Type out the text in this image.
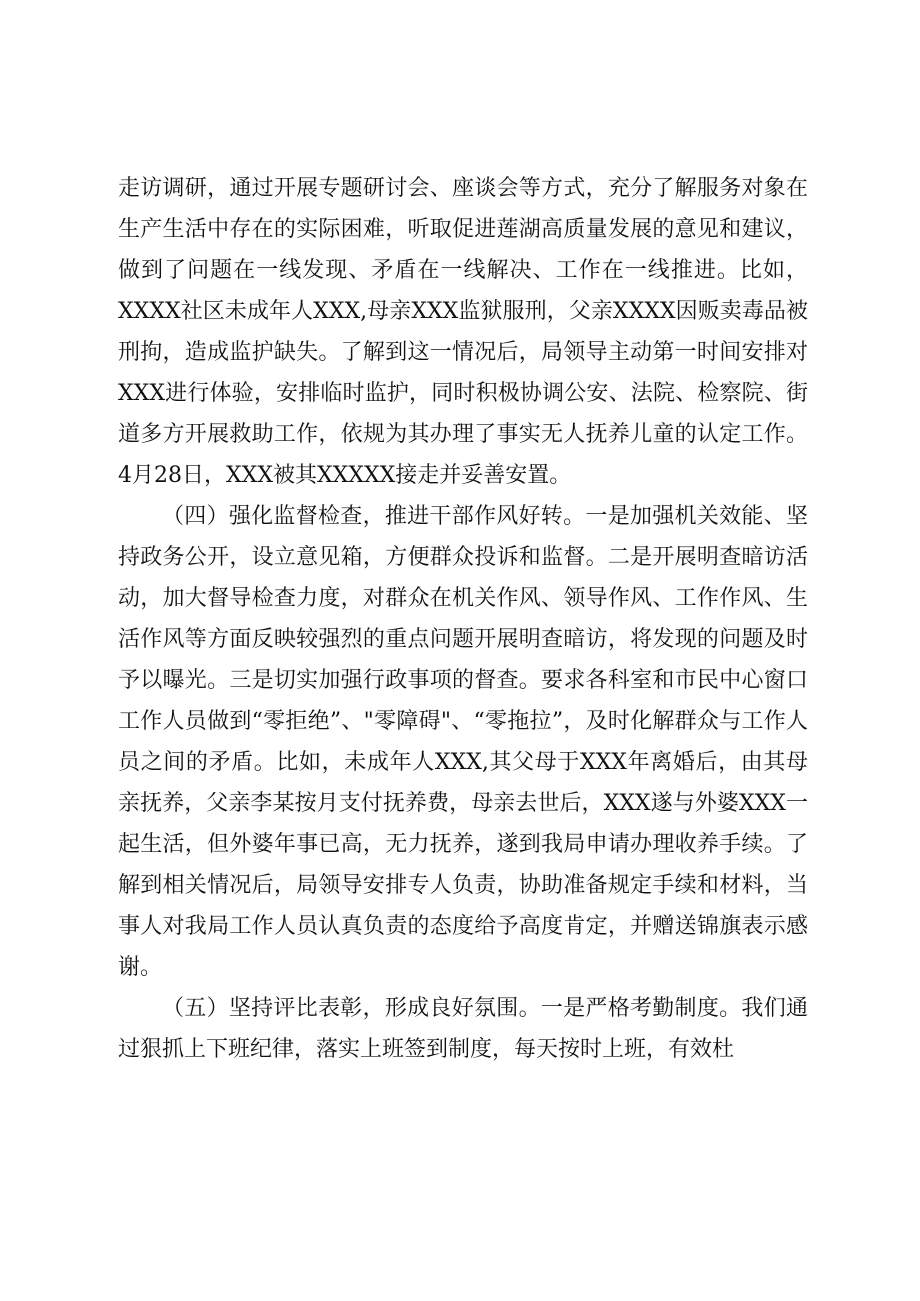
走访调研，通过开展专题研讨会、座谈会等方式，充分了解服务对象在生产生活中存在的实际困难，听取促进莲湖高质量发展的意见和建议，做到了问题在一线发现、矛盾在一线解决、工作在一线推进。比如，XXXX社区未成年人XXX,母亲XXX监狱服刑，父亲XXXX因贩卖毒品被刑拘，造成监护缺失。了解到这一情况后，局领导主动第一时间安排对XXX进行体验，安排临时监护，同时积极协调公安、法院、检察院、街道多方开展救助工作，依规为其办理了事实无人抚养儿童的认定工作。4月28日，XXX被其XXXXX接走并妥善安置。

（四）强化监督检查，推进干部作风好转。一是加强机关效能、坚持政务公开，设立意见箱，方便群众投诉和监督。二是开展明查暗访活动，加大督导检查力度，对群众在机关作风、领导作风、工作作风、生活作风等方面反映较强烈的重点问题开展明查暗访，将发现的问题及时予以曝光。三是切实加强行政事项的督查。要求各科室和市民中心窗口工作人员做到“零拒绝”、"零障碍"、“零拖拉”，及时化解群众与工作人员之间的矛盾。比如，未成年人XXX,其父母于XXX年离婚后，由其母亲抚养，父亲李某按月支付抚养费，母亲去世后，XXX遂与外婆XXX一起生活，但外婆年事已高，无力抚养，遂到我局申请办理收养手续。了解到相关情况后，局领导安排专人负责，协助准备规定手续和材料，当事人对我局工作人员认真负责的态度给予高度肯定，并赠送锦旗表示感谢。

（五）坚持评比表彰，形成良好氛围。一是严格考勤制度。我们通过狠抓上下班纪律，落实上班签到制度，每天按时上班，有效杜
